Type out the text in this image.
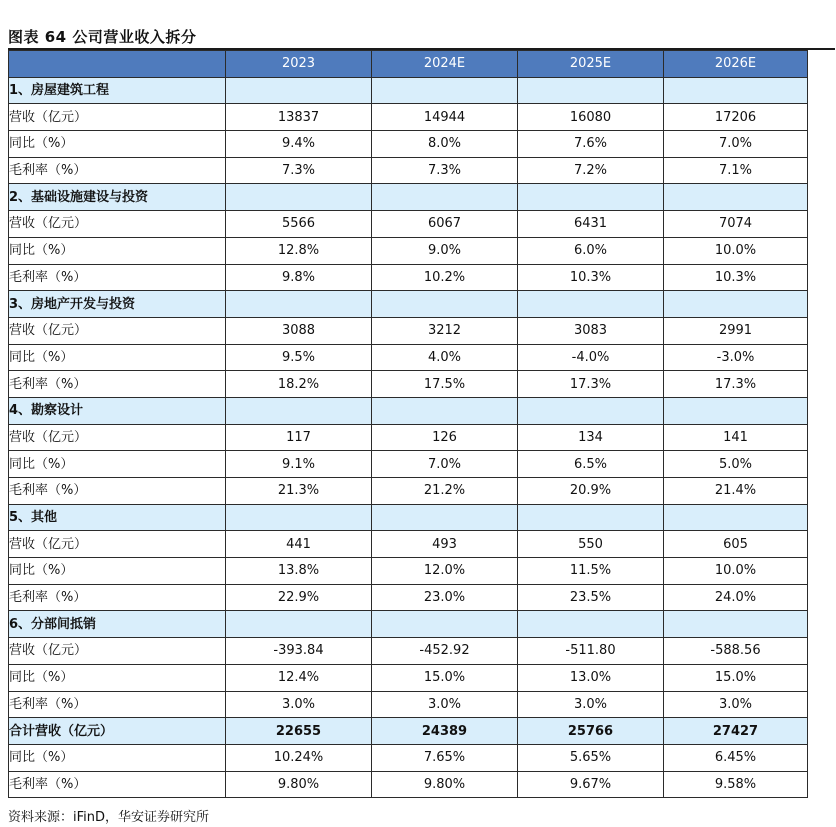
图表 64 公司营业收入拆分
	2023	2024E	2025E	2026E
1、房屋建筑工程				
营收（亿元）	13837	14944	16080	17206
同比（%）	9.4%	8.0%	7.6%	7.0%
毛利率（%）	7.3%	7.3%	7.2%	7.1%
2、基础设施建设与投资				
营收（亿元）	5566	6067	6431	7074
同比（%）	12.8%	9.0%	6.0%	10.0%
毛利率（%）	9.8%	10.2%	10.3%	10.3%
3、房地产开发与投资				
营收（亿元）	3088	3212	3083	2991
同比（%）	9.5%	4.0%	-4.0%	-3.0%
毛利率（%）	18.2%	17.5%	17.3%	17.3%
4、勘察设计				
营收（亿元）	117	126	134	141
同比（%）	9.1%	7.0%	6.5%	5.0%
毛利率（%）	21.3%	21.2%	20.9%	21.4%
5、其他				
营收（亿元）	441	493	550	605
同比（%）	13.8%	12.0%	11.5%	10.0%
毛利率（%）	22.9%	23.0%	23.5%	24.0%
6、分部间抵销				
营收（亿元）	-393.84	-452.92	-511.80	-588.56
同比（%）	12.4%	15.0%	13.0%	15.0%
毛利率（%）	3.0%	3.0%	3.0%	3.0%
合计营收（亿元）	22655	24389	25766	27427
同比（%）	10.24%	7.65%	5.65%	6.45%
毛利率（%）	9.80%	9.80%	9.67%	9.58%
资料来源：iFinD，华安证券研究所
